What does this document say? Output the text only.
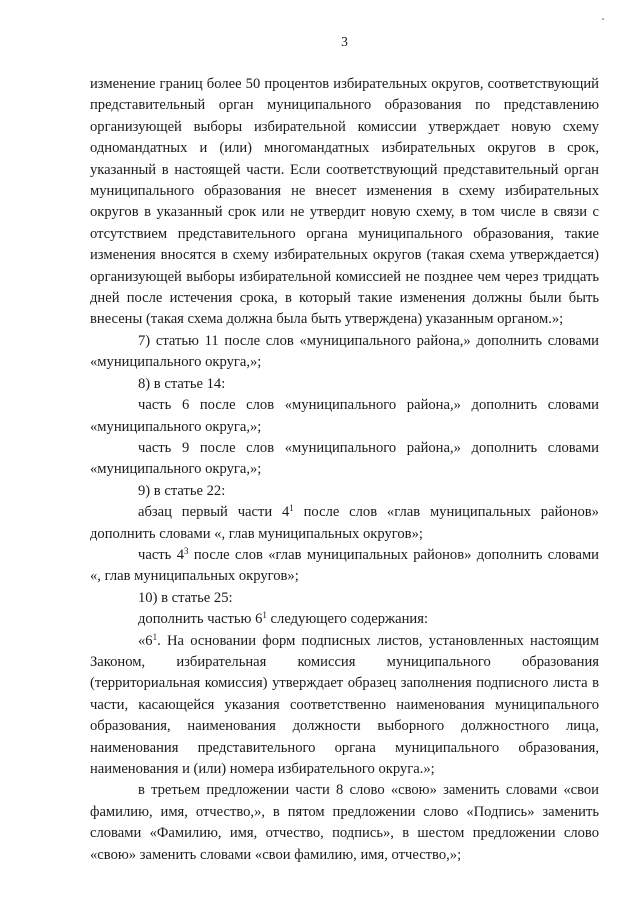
3

изменение границ более 50 процентов избирательных округов, соответствующий представительный орган муниципального образования по представлению организующей выборы избирательной комиссии утверждает новую схему одномандатных и (или) многомандатных избирательных округов в срок, указанный в настоящей части. Если соответствующий представительный орган муниципального образования не внесет изменения в схему избирательных округов в указанный срок или не утвердит новую схему, в том числе в связи с отсутствием представительного органа муниципального образования, такие изменения вносятся в схему избирательных округов (такая схема утверждается) организующей выборы избирательной комиссией не позднее чем через тридцать дней после истечения срока, в который такие изменения должны были быть внесены (такая схема должна была быть утверждена) указанным органом.»;

7) статью 11 после слов «муниципального района,» дополнить словами «муниципального округа,»;

8) в статье 14:

часть 6 после слов «муниципального района,» дополнить словами «муниципального округа,»;

часть 9 после слов «муниципального района,» дополнить словами «муниципального округа,»;

9) в статье 22:

абзац первый части $4^1$ после слов «глав муниципальных районов» дополнить словами «, глав муниципальных округов»;

часть $4^3$ после слов «глав муниципальных районов» дополнить словами «, глав муниципальных округов»;

10) в статье 25:

дополнить частью $6^1$ следующего содержания:

«$6^1$. На основании форм подписных листов, установленных настоящим Законом, избирательная комиссия муниципального образования (территориальная комиссия) утверждает образец заполнения подписного листа в части, касающейся указания соответственно наименования муниципального образования, наименования должности выборного должностного лица, наименования представительного органа муниципального образования, наименования и (или) номера избирательного округа.»;

в третьем предложении части 8 слово «свою» заменить словами «свои фамилию, имя, отчество,», в пятом предложении слово «Подпись» заменить словами «Фамилию, имя, отчество, подпись», в шестом предложении слово «свою» заменить словами «свои фамилию, имя, отчество,»;
